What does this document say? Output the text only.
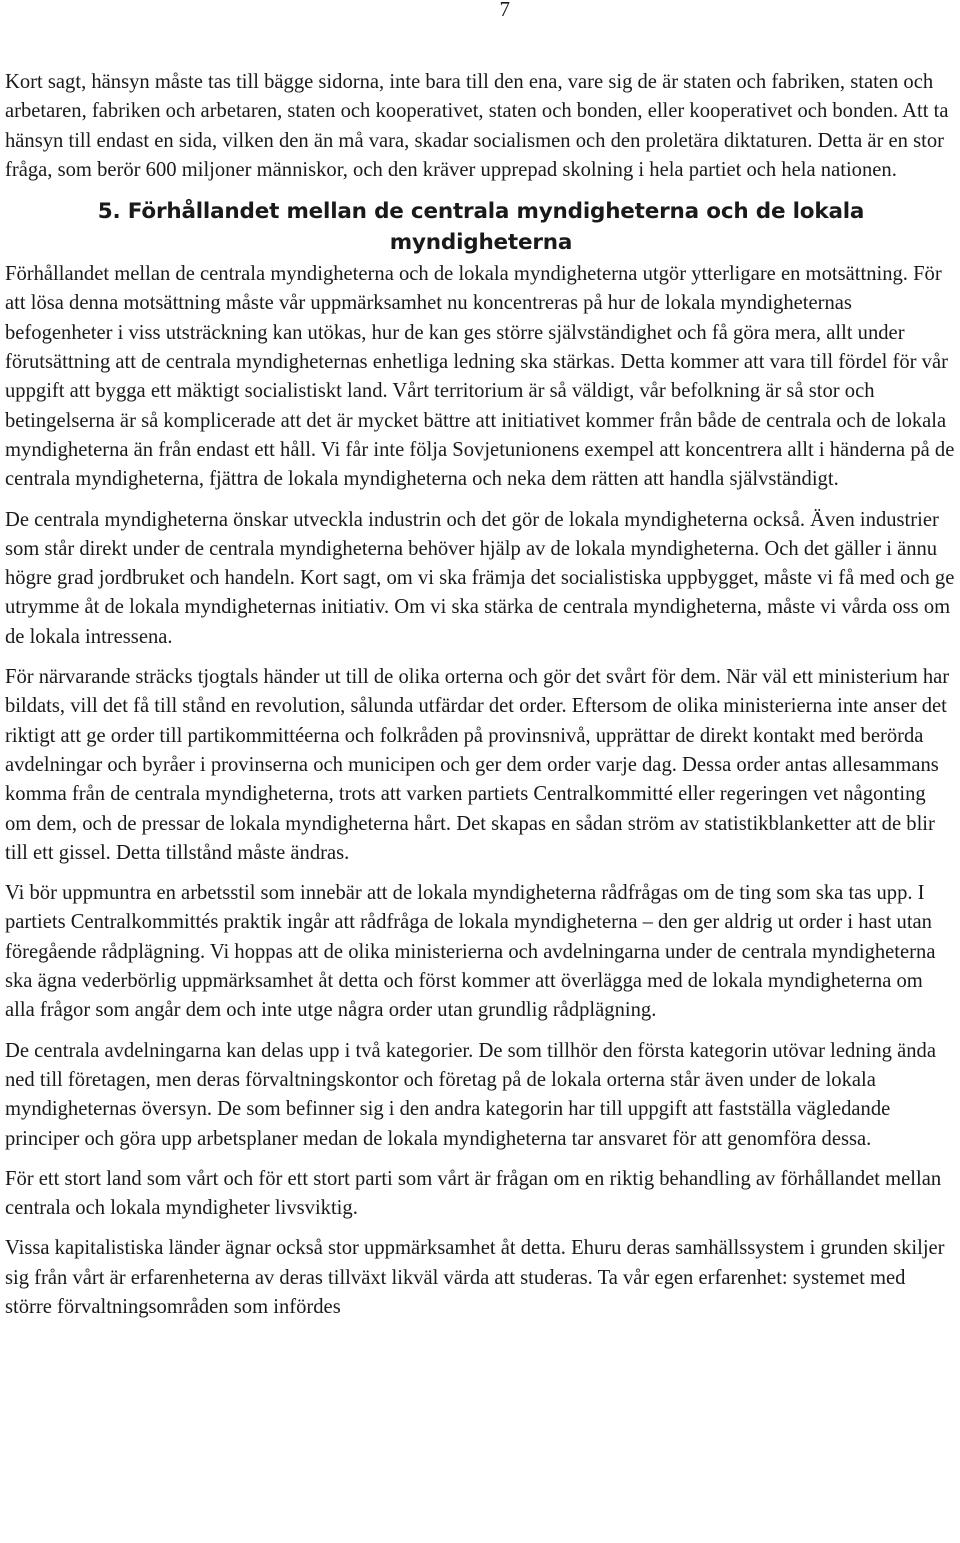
7

Kort sagt, hänsyn måste tas till bägge sidorna, inte bara till den ena, vare sig de är staten och fabriken, staten och arbetaren, fabriken och arbetaren, staten och kooperativet, staten och bonden, eller kooperativet och bonden. Att ta hänsyn till endast en sida, vilken den än må vara, skadar socialismen och den proletära diktaturen. Detta är en stor fråga, som berör 600 miljoner människor, och den kräver upprepad skolning i hela partiet och hela nationen.

5. Förhållandet mellan de centrala myndigheterna och de lokala myndigheterna

Förhållandet mellan de centrala myndigheterna och de lokala myndigheterna utgör ytterligare en motsättning. För att lösa denna motsättning måste vår uppmärksamhet nu koncentreras på hur de lokala myndigheternas befogenheter i viss utsträckning kan utökas, hur de kan ges större självständighet och få göra mera, allt under förutsättning att de centrala myndigheternas enhetliga ledning ska stärkas. Detta kommer att vara till fördel för vår uppgift att bygga ett mäktigt socialistiskt land. Vårt territorium är så väldigt, vår befolkning är så stor och betingelserna är så komplicerade att det är mycket bättre att initiativet kommer från både de centrala och de lokala myndigheterna än från endast ett håll. Vi får inte följa Sovjetunionens exempel att koncentrera allt i händerna på de centrala myndigheterna, fjättra de lokala myndigheterna och neka dem rätten att handla självständigt.

De centrala myndigheterna önskar utveckla industrin och det gör de lokala myndigheterna också. Även industrier som står direkt under de centrala myndigheterna behöver hjälp av de lokala myndigheterna. Och det gäller i ännu högre grad jordbruket och handeln. Kort sagt, om vi ska främja det socialistiska uppbygget, måste vi få med och ge utrymme åt de lokala myndigheternas initiativ. Om vi ska stärka de centrala myndigheterna, måste vi vårda oss om de lokala intressena.

För närvarande sträcks tjogtals händer ut till de olika orterna och gör det svårt för dem. När väl ett ministerium har bildats, vill det få till stånd en revolution, sålunda utfärdar det order. Eftersom de olika ministerierna inte anser det riktigt att ge order till partikommittéerna och folkråden på provinsnivå, upprättar de direkt kontakt med berörda avdelningar och byråer i provinserna och municipen och ger dem order varje dag. Dessa order antas allesammans komma från de centrala myndigheterna, trots att varken partiets Centralkommitté eller regeringen vet någonting om dem, och de pressar de lokala myndigheterna hårt. Det skapas en sådan ström av statistikblanketter att de blir till ett gissel. Detta tillstånd måste ändras.

Vi bör uppmuntra en arbetsstil som innebär att de lokala myndigheterna rådfrågas om de ting som ska tas upp. I partiets Centralkommittés praktik ingår att rådfråga de lokala myndigheterna – den ger aldrig ut order i hast utan föregående rådplägning. Vi hoppas att de olika ministerierna och avdelningarna under de centrala myndigheterna ska ägna vederbörlig uppmärksamhet åt detta och först kommer att överlägga med de lokala myndigheterna om alla frågor som angår dem och inte utge några order utan grundlig rådplägning.

De centrala avdelningarna kan delas upp i två kategorier. De som tillhör den första kategorin utövar ledning ända ned till företagen, men deras förvaltningskontor och företag på de lokala orterna står även under de lokala myndigheternas översyn. De som befinner sig i den andra kategorin har till uppgift att fastställa vägledande principer och göra upp arbetsplaner medan de lokala myndigheterna tar ansvaret för att genomföra dessa.

För ett stort land som vårt och för ett stort parti som vårt är frågan om en riktig behandling av förhållandet mellan centrala och lokala myndigheter livsviktig.

Vissa kapitalistiska länder ägnar också stor uppmärksamhet åt detta. Ehuru deras samhällssystem i grunden skiljer sig från vårt är erfarenheterna av deras tillväxt likväl värda att studeras. Ta vår egen erfarenhet: systemet med större förvaltningsområden som infördes
